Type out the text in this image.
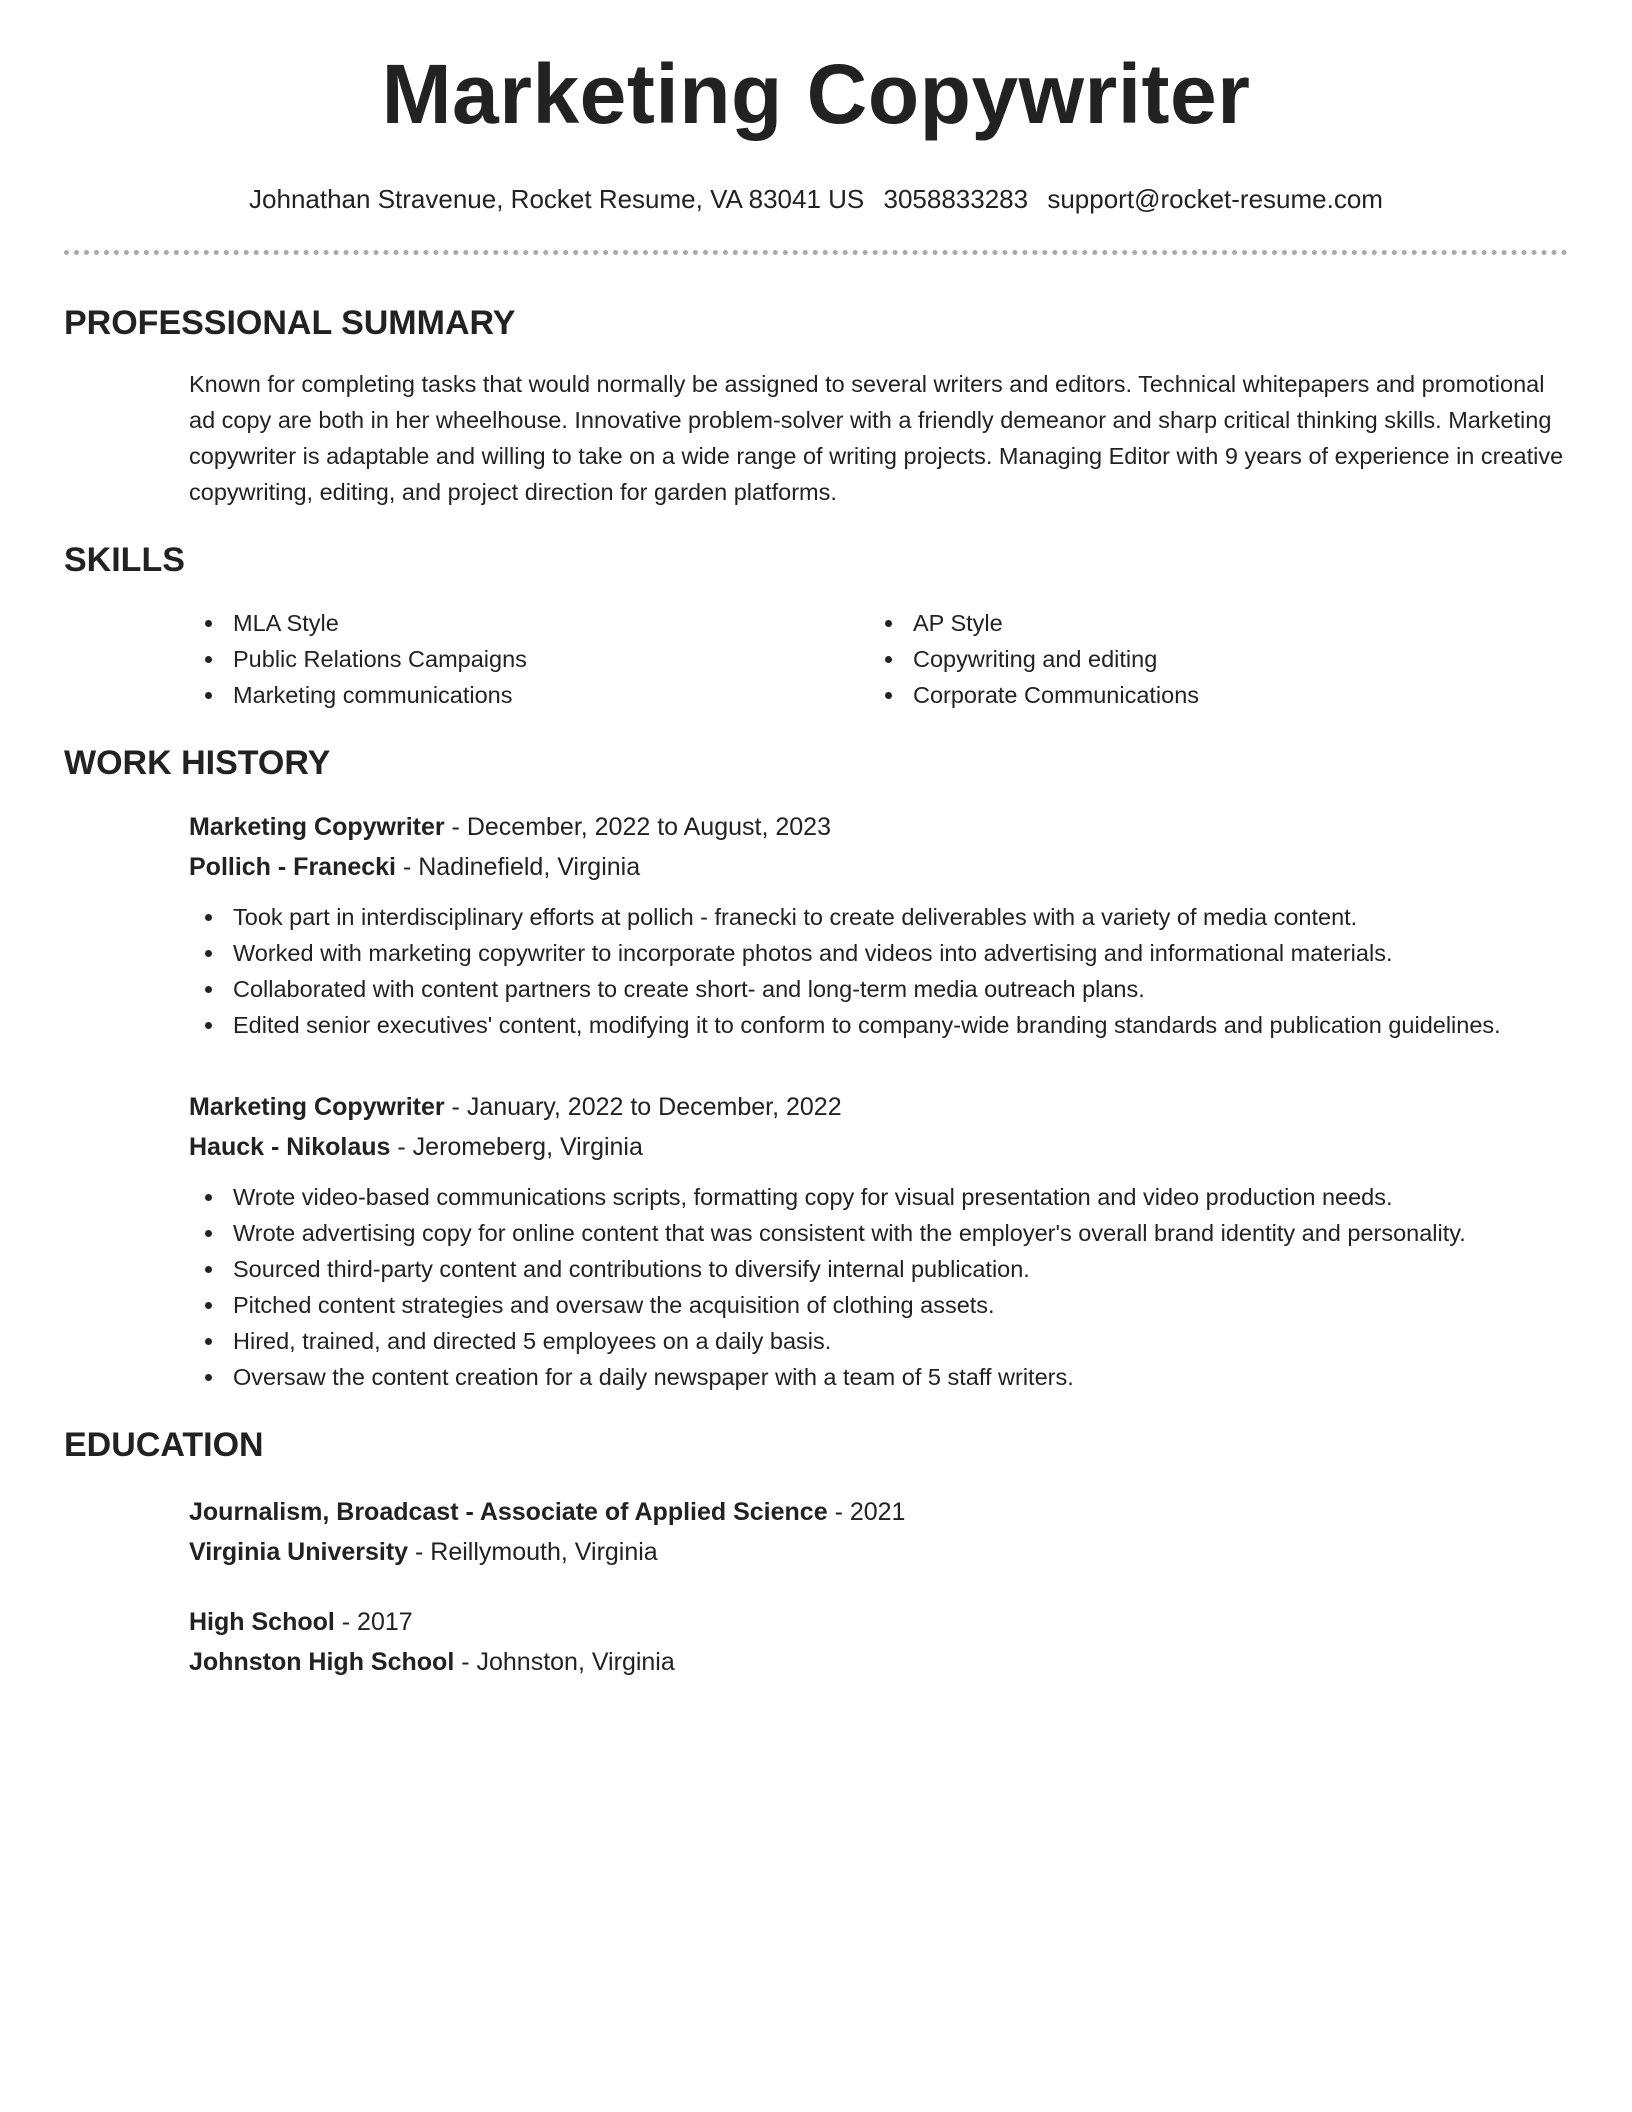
Marketing Copywriter
Johnathan Stravenue, Rocket Resume, VA 83041 US 3058833283 support@rocket-resume.com
PROFESSIONAL SUMMARY

Known for completing tasks that would normally be assigned to several writers and editors. Technical whitepapers and promotional ad copy are both in her wheelhouse. Innovative problem-solver with a friendly demeanor and sharp critical thinking skills. Marketing copywriter is adaptable and willing to take on a wide range of writing projects. Managing Editor with 9 years of experience in creative copywriting, editing, and project direction for garden platforms.

SKILLS
MLA Style
Public Relations Campaigns
Marketing communications
AP Style
Copywriting and editing
Corporate Communications
WORK HISTORY
Marketing Copywriter - December, 2022 to August, 2023
Pollich - Franecki - Nadinefield, Virginia
Took part in interdisciplinary efforts at pollich - franecki to create deliverables with a variety of media content.
Worked with marketing copywriter to incorporate photos and videos into advertising and informational materials.
Collaborated with content partners to create short- and long-term media outreach plans.
Edited senior executives' content, modifying it to conform to company-wide branding standards and publication guidelines.
Marketing Copywriter - January, 2022 to December, 2022
Hauck - Nikolaus - Jeromeberg, Virginia
Wrote video-based communications scripts, formatting copy for visual presentation and video production needs.
Wrote advertising copy for online content that was consistent with the employer's overall brand identity and personality.
Sourced third-party content and contributions to diversify internal publication.
Pitched content strategies and oversaw the acquisition of clothing assets.
Hired, trained, and directed 5 employees on a daily basis.
Oversaw the content creation for a daily newspaper with a team of 5 staff writers.
EDUCATION
Journalism, Broadcast - Associate of Applied Science - 2021
Virginia University - Reillymouth, Virginia
High School - 2017
Johnston High School - Johnston, Virginia
